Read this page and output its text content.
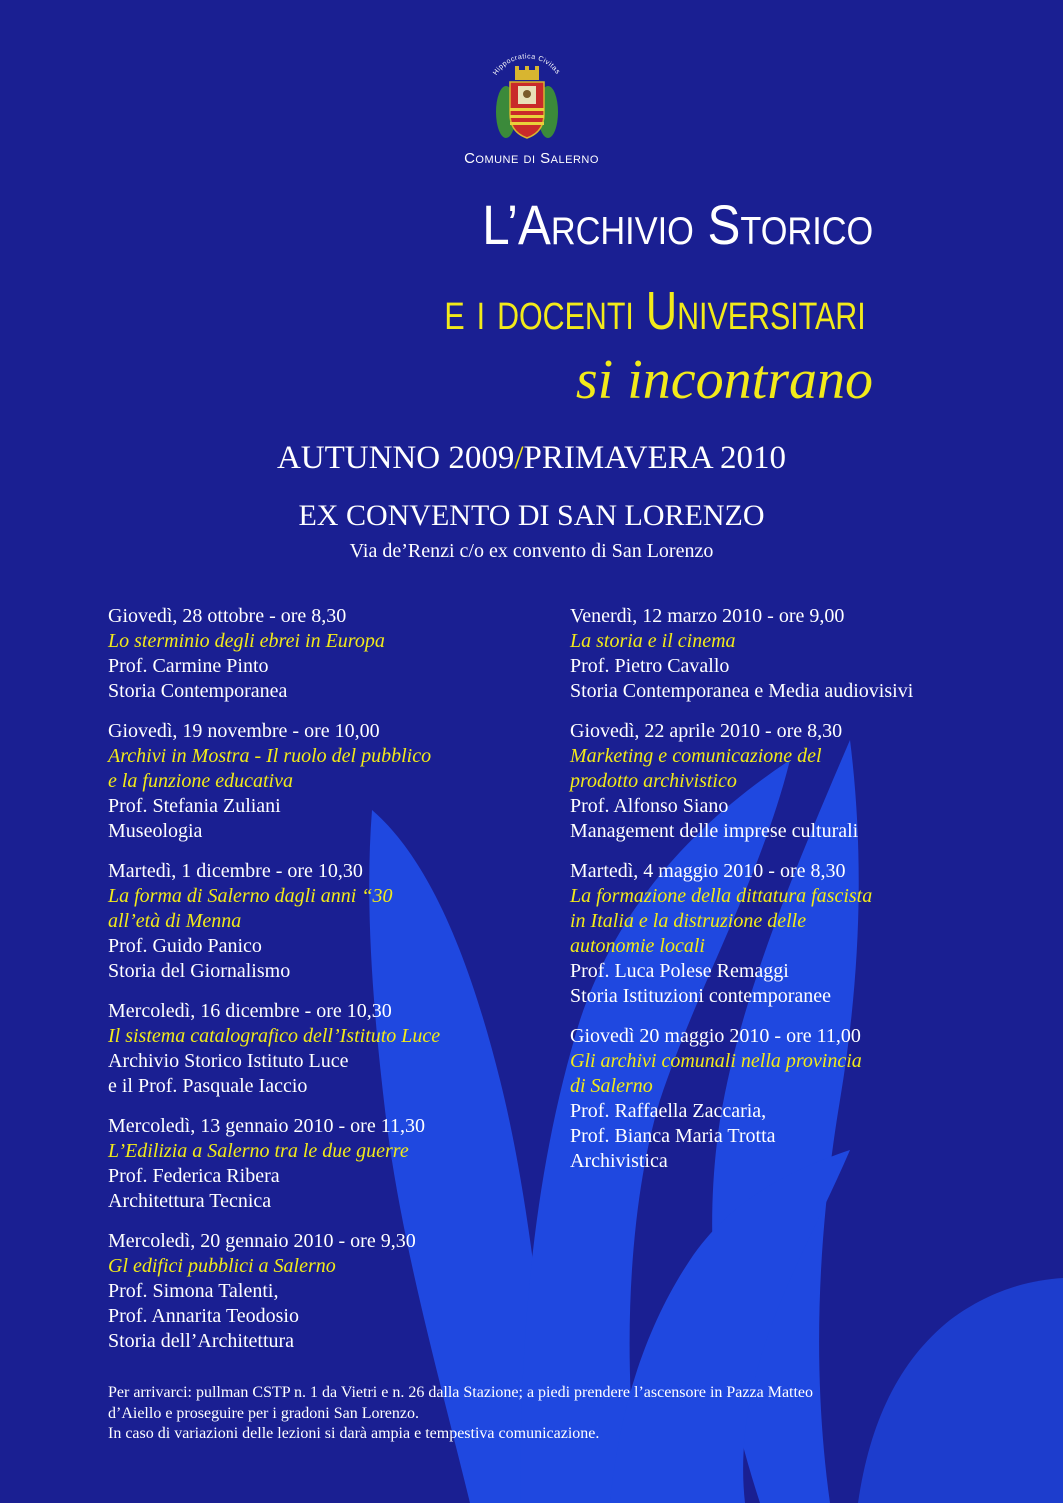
Hippocratica Civitas
Comune di Salerno
L’Archivio Storico
e i docenti Universitari
si incontrano
AUTUNNO 2009/PRIMAVERA 2010
EX CONVENTO DI SAN LORENZO
Via de’Renzi c/o ex convento di San Lorenzo
Giovedì, 28 ottobre - ore 8,30
Lo sterminio degli ebrei in Europa
Prof. Carmine Pinto
Storia Contemporanea
Giovedì, 19 novembre - ore 10,00
Archivi in Mostra - Il ruolo del pubblico
e la funzione educativa
Prof. Stefania Zuliani
Museologia
Martedì, 1 dicembre - ore 10,30
La forma di Salerno dagli anni “30
all’età di Menna
Prof. Guido Panico
Storia del Giornalismo
Mercoledì, 16 dicembre - ore 10,30
Il sistema catalografico dell’Istituto Luce
Archivio Storico Istituto Luce
e il Prof. Pasquale Iaccio
Mercoledì, 13 gennaio 2010 - ore 11,30
L’Edilizia a Salerno tra le due guerre
Prof. Federica Ribera
Architettura Tecnica
Mercoledì, 20 gennaio 2010 - ore 9,30
Gl edifici pubblici a Salerno
Prof. Simona Talenti,
Prof. Annarita Teodosio
Storia dell’Architettura
Venerdì, 12 marzo 2010 - ore 9,00
La storia e il cinema
Prof. Pietro Cavallo
Storia Contemporanea e Media audiovisivi
Giovedì, 22 aprile 2010 - ore 8,30
Marketing e comunicazione del
prodotto archivistico
Prof. Alfonso Siano
Management delle imprese culturali
Martedì, 4 maggio 2010 - ore 8,30
La formazione della dittatura fascista
in Italia e la distruzione delle
autonomie locali
Prof. Luca Polese Remaggi
Storia Istituzioni contemporanee
Giovedì 20 maggio 2010 - ore 11,00
Gli archivi comunali nella provincia
di Salerno
Prof. Raffaella Zaccaria,
Prof. Bianca Maria Trotta
Archivistica
Per arrivarci: pullman CSTP n. 1 da Vietri e n. 26 dalla Stazione; a piedi prendere l’ascensore in Pazza Matteo
d’Aiello e proseguire per i gradoni San Lorenzo.
In caso di variazioni delle lezioni si darà ampia e tempestiva comunicazione.
